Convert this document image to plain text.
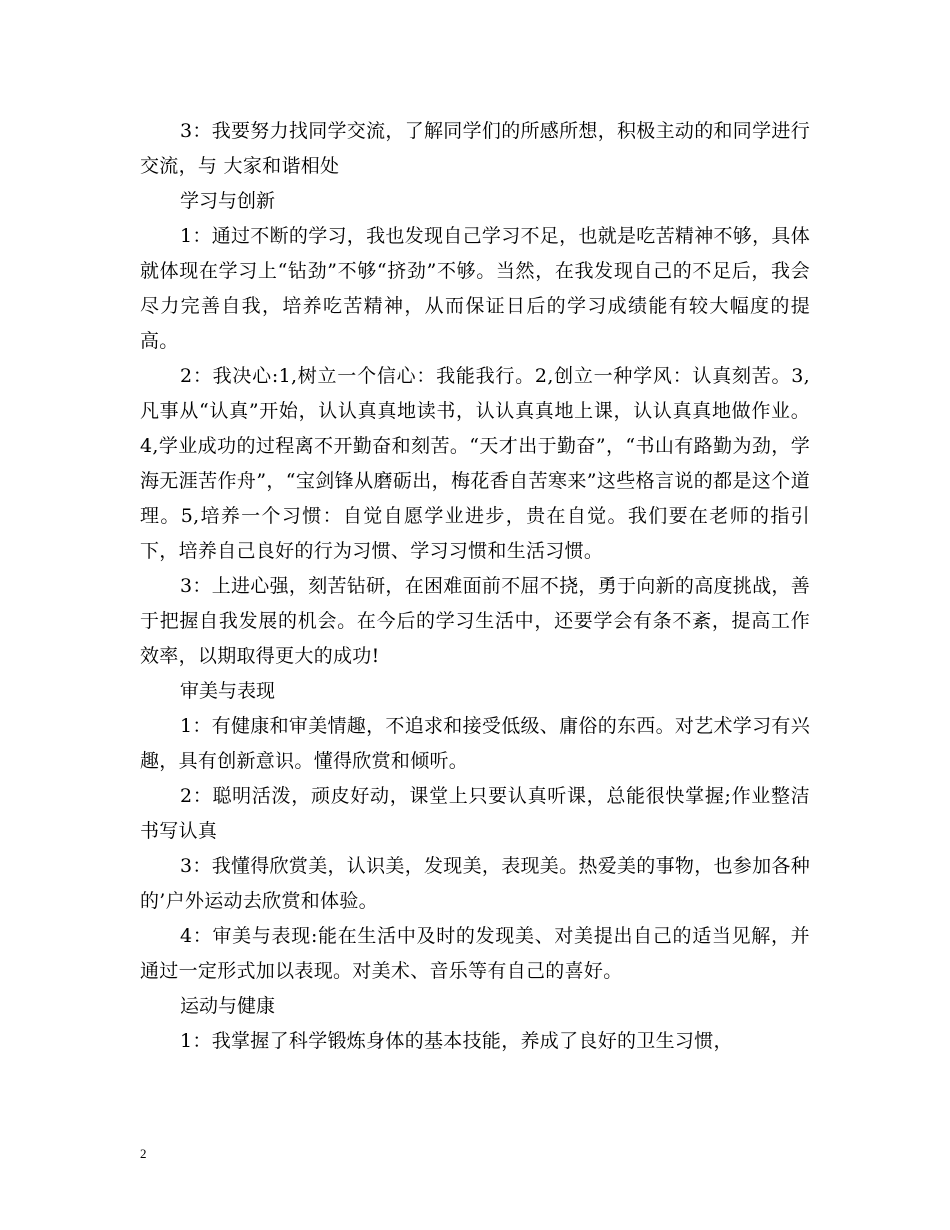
3：我要努力找同学交流，了解同学们的所感所想，积极主动的和同学进行交流，与 大家和谐相处

学习与创新

1：通过不断的学习，我也发现自己学习不足，也就是吃苦精神不够，具体就体现在学习上“钻劲”不够“挤劲”不够。当然，在我发现自己的不足后，我会尽力完善自我，培养吃苦精神，从而保证日后的学习成绩能有较大幅度的提高。

2：我决心:1,树立一个信心：我能我行。2,创立一种学风：认真刻苦。3,凡事从“认真”开始，认认真真地读书，认认真真地上课，认认真真地做作业。4,学业成功的过程离不开勤奋和刻苦。“天才出于勤奋”，“书山有路勤为劲，学海无涯苦作舟”，“宝剑锋从磨砺出，梅花香自苦寒来”这些格言说的都是这个道理。5,培养一个习惯：自觉自愿学业进步，贵在自觉。我们要在老师的指引下，培养自己良好的行为习惯、学习习惯和生活习惯。

3：上进心强，刻苦钻研，在困难面前不屈不挠，勇于向新的高度挑战，善于把握自我发展的机会。在今后的学习生活中，还要学会有条不紊，提高工作效率，以期取得更大的成功!

审美与表现

1：有健康和审美情趣，不追求和接受低级、庸俗的东西。对艺术学习有兴趣，具有创新意识。懂得欣赏和倾听。

2：聪明活泼，顽皮好动，课堂上只要认真听课，总能很快掌握;作业整洁书写认真

3：我懂得欣赏美，认识美，发现美，表现美。热爱美的事物，也参加各种的’户外运动去欣赏和体验。

4：审美与表现:能在生活中及时的发现美、对美提出自己的适当见解，并通过一定形式加以表现。对美术、音乐等有自己的喜好。

运动与健康

1：我掌握了科学锻炼身体的基本技能，养成了良好的卫生习惯，

2
